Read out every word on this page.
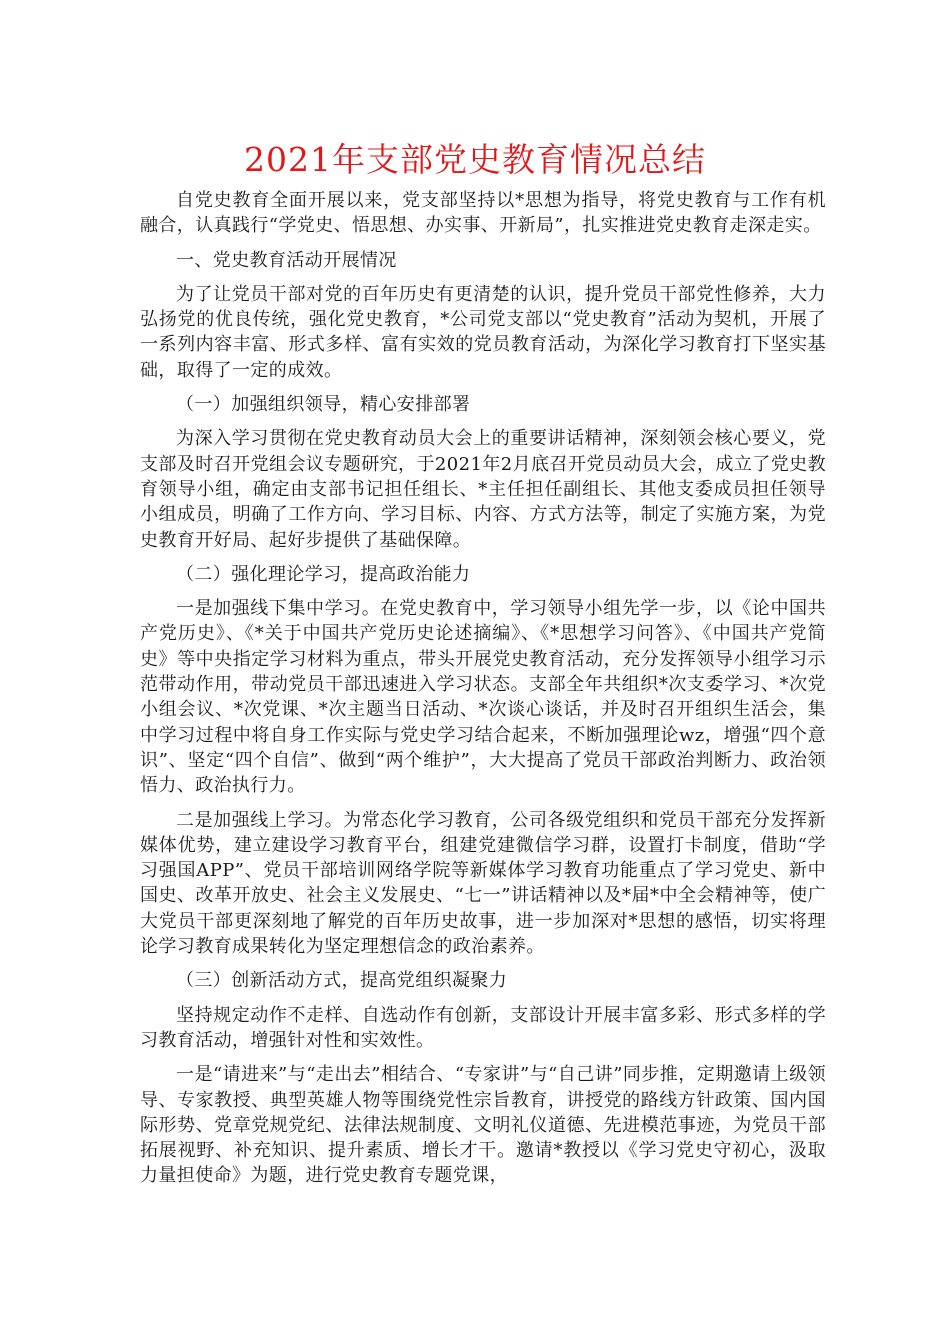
2021年支部党史教育情况总结

自党史教育全面开展以来，党支部坚持以*思想为指导，将党史教育与工作有机融合，认真践行“学党史、悟思想、办实事、开新局”，扎实推进党史教育走深走实。

一、党史教育活动开展情况

为了让党员干部对党的百年历史有更清楚的认识，提升党员干部党性修养，大力弘扬党的优良传统，强化党史教育，*公司党支部以“党史教育”活动为契机，开展了一系列内容丰富、形式多样、富有实效的党员教育活动，为深化学习教育打下坚实基础，取得了一定的成效。

（一）加强组织领导，精心安排部署

为深入学习贯彻在党史教育动员大会上的重要讲话精神，深刻领会核心要义，党支部及时召开党组会议专题研究，于2021年2月底召开党员动员大会，成立了党史教育领导小组，确定由支部书记担任组长、*主任担任副组长、其他支委成员担任领导小组成员，明确了工作方向、学习目标、内容、方式方法等，制定了实施方案，为党史教育开好局、起好步提供了基础保障。

（二）强化理论学习，提高政治能力

一是加强线下集中学习。在党史教育中，学习领导小组先学一步，以《论中国共产党历史》、《*关于中国共产党历史论述摘编》、《*思想学习问答》、《中国共产党简史》等中央指定学习材料为重点，带头开展党史教育活动，充分发挥领导小组学习示范带动作用，带动党员干部迅速进入学习状态。支部全年共组织*次支委学习、*次党小组会议、*次党课、*次主题当日活动、*次谈心谈话，并及时召开组织生活会，集中学习过程中将自身工作实际与党史学习结合起来，不断加强理论wz，增强“四个意识”、坚定“四个自信”、做到“两个维护”，大大提高了党员干部政治判断力、政治领悟力、政治执行力。

二是加强线上学习。为常态化学习教育，公司各级党组织和党员干部充分发挥新媒体优势，建立建设学习教育平台，组建党建微信学习群，设置打卡制度，借助“学习强国APP”、党员干部培训网络学院等新媒体学习教育功能重点了学习党史、新中国史、改革开放史、社会主义发展史、“七一”讲话精神以及*届*中全会精神等，使广大党员干部更深刻地了解党的百年历史故事，进一步加深对*思想的感悟，切实将理论学习教育成果转化为坚定理想信念的政治素养。

（三）创新活动方式，提高党组织凝聚力

坚持规定动作不走样、自选动作有创新，支部设计开展丰富多彩、形式多样的学习教育活动，增强针对性和实效性。

一是“请进来”与“走出去”相结合、“专家讲”与“自己讲”同步推，定期邀请上级领导、专家教授、典型英雄人物等围绕党性宗旨教育，讲授党的路线方针政策、国内国际形势、党章党规党纪、法律法规制度、文明礼仪道德、先进模范事迹，为党员干部拓展视野、补充知识、提升素质、增长才干。邀请*教授以《学习党史守初心，汲取力量担使命》为题，进行党史教育专题党课，
